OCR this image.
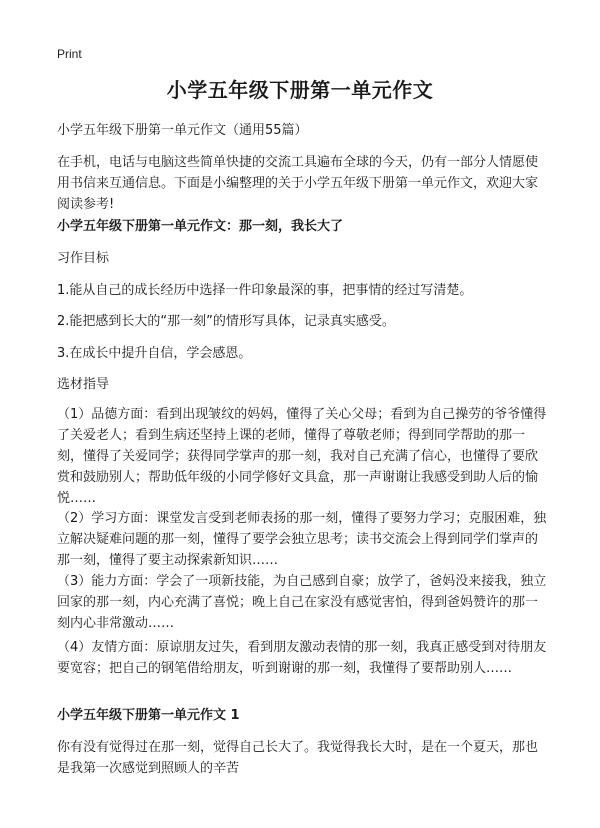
Print
小学五年级下册第一单元作文

小学五年级下册第一单元作文（通用55篇）

在手机，电话与电脑这些简单快捷的交流工具遍布全球的今天，仍有一部分人情愿使用书信来互通信息。下面是小编整理的关于小学五年级下册第一单元作文，欢迎大家阅读参考!

小学五年级下册第一单元作文：那一刻，我长大了

习作目标

1.能从自己的成长经历中选择一件印象最深的事，把事情的经过写清楚。

2.能把感到长大的“那一刻”的情形写具体，记录真实感受。

3.在成长中提升自信，学会感恩。

选材指导

（1）品德方面：看到出现皱纹的妈妈，懂得了关心父母；看到为自己操劳的爷爷懂得了关爱老人；看到生病还坚持上课的老师，懂得了尊敬老师；得到同学帮助的那一刻，懂得了关爱同学；获得同学掌声的那一刻，我对自己充满了信心，也懂得了要欣赏和鼓励别人；帮助低年级的小同学修好文具盒，那一声谢谢让我感受到助人后的愉悦……

（2）学习方面：课堂发言受到老师表扬的那一刻，懂得了要努力学习；克服困难，独立解决疑难问题的那一刻，懂得了要学会独立思考；读书交流会上得到同学们掌声的那一刻，懂得了要主动探索新知识……

（3）能力方面：学会了一项新技能，为自己感到自豪；放学了，爸妈没来接我，独立回家的那一刻，内心充满了喜悦；晚上自己在家没有感觉害怕，得到爸妈赞许的那一刻内心非常激动……

（4）友情方面：原谅朋友过失，看到朋友激动表情的那一刻，我真正感受到对待朋友要宽容；把自己的钢笔借给朋友，听到谢谢的那一刻，我懂得了要帮助别人……

小学五年级下册第一单元作文 1

你有没有觉得过在那一刻，觉得自己长大了。我觉得我长大时，是在一个夏天，那也是我第一次感觉到照顾人的辛苦
